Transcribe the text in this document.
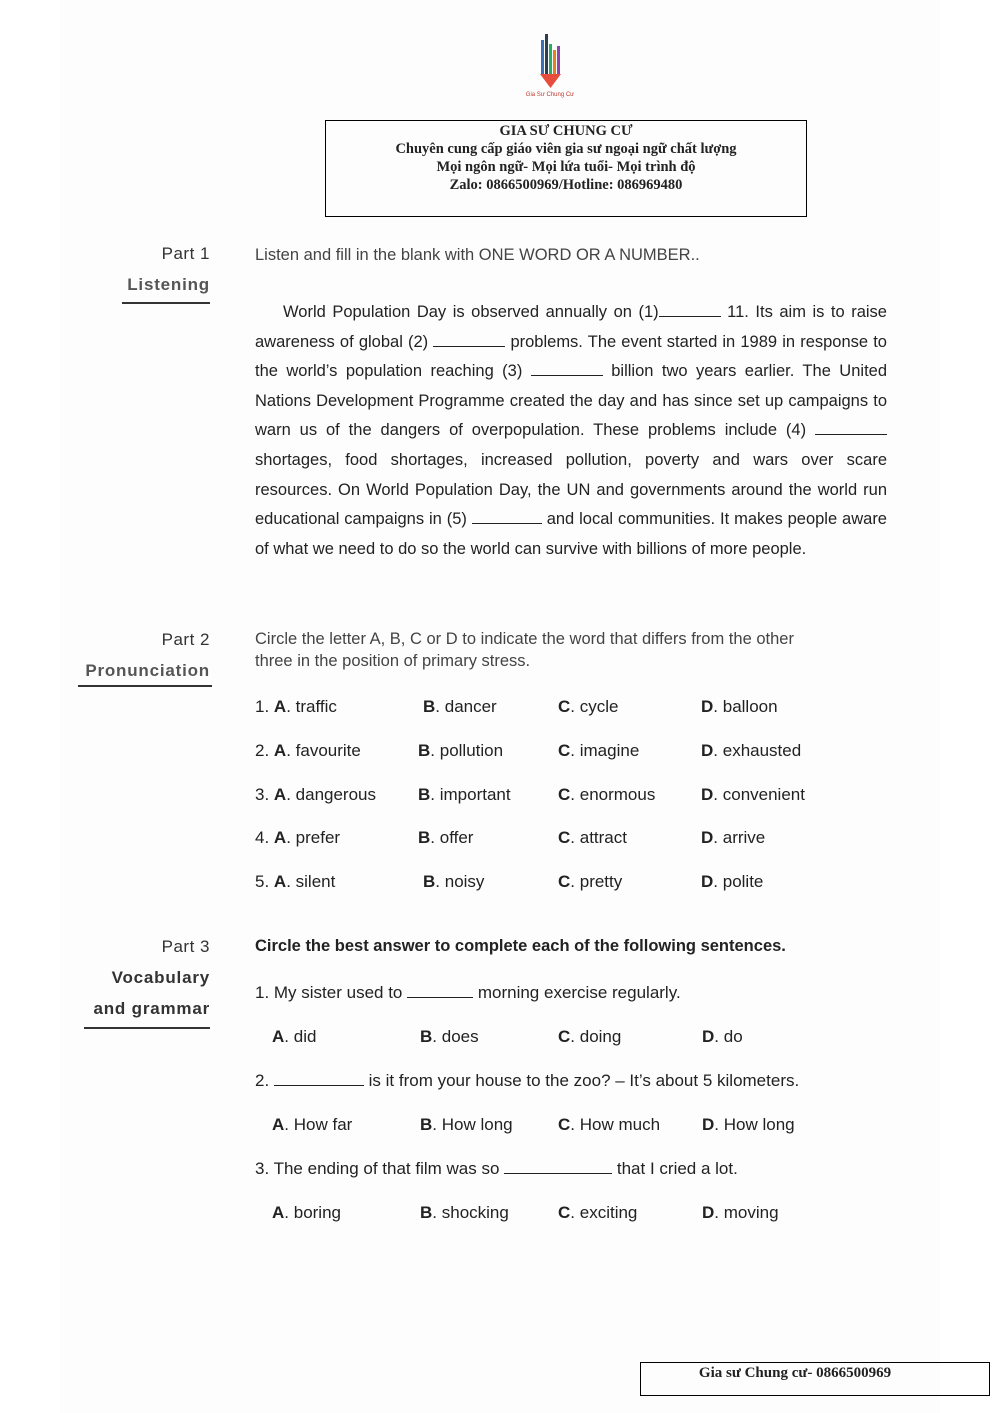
Gia Sư Chung Cư
GIA SƯ CHUNG CƯ
Chuyên cung cấp giáo viên gia sư ngoại ngữ chất lượng
Mọi ngôn ngữ- Mọi lứa tuổi- Mọi trình độ
Zalo: 0866500969/Hotline: 086969480
Part 1
Listening
Listen and fill in the blank with ONE WORD OR A NUMBER..

World Population Day is observed annually on (1)	11. Its aim is to raise awareness of global (2)	problems. The event started in 1989 in response to the world’s population reaching (3)	billion two years earlier. The United Nations Development Programme created the day and has since set up campaigns to warn us of the dangers of overpopulation. These problems include (4)  shortages, food shortages, increased pollution, poverty and wars over scare resources. On World Population Day, the UN and governments around the world run educational campaigns in (5)	and local communities. It makes people aware of what we need to do so the world can survive with billions of more people.

Part 2
Pronunciation
Circle the letter A, B, C or D to indicate the word that differs from the other
three in the position of primary stress.
1. A. traffic	B. dancer	C. cycle	D. balloon
2. A. favourite	B. pollution	C. imagine	D. exhausted
3. A. dangerous B. important	C. enormous	D. convenient
4. A. prefer	B. offer	C. attract	D. arrive
5. A. silent	B. noisy	C. pretty	D. polite
Part 3
Vocabulary
and grammar
Circle the best answer to complete each of the following sentences.
1. My sister used to	morning exercise regularly.
A. did	B. does	C. doing	D. do
2.	is it from your house to the zoo? – It’s about 5 kilometers.
A. How far	B. How long	C. How much D. How long
3. The ending of that film was so	that I cried a lot.
A. boring	B. shocking	C. exciting	D. moving
Gia sư Chung cư- 0866500969
